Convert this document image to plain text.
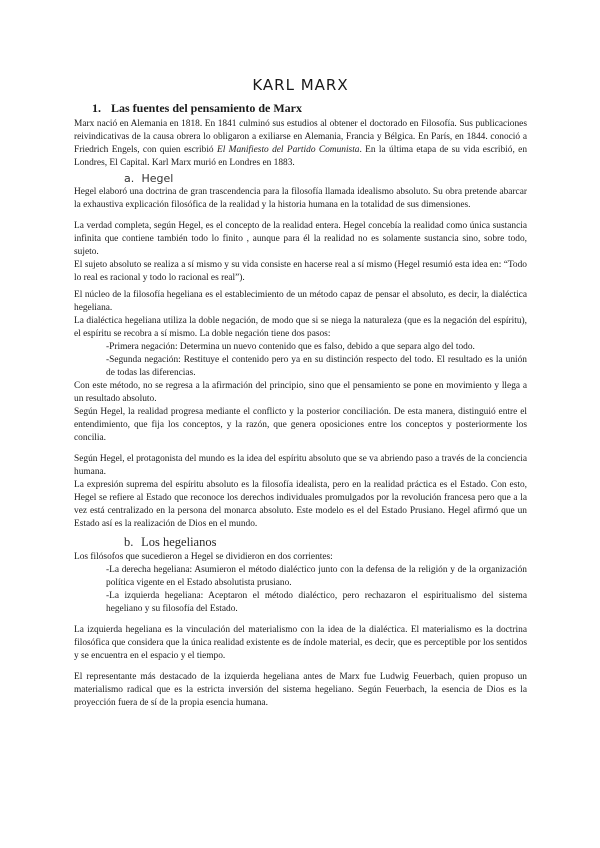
KARL MARX
1. Las fuentes del pensamiento de Marx

Marx nació en Alemania en 1818. En 1841 culminó sus estudios al obtener el doctorado en Filosofía. Sus publicaciones reivindicativas de la causa obrera lo obligaron a exiliarse en Alemania, Francia y Bélgica. En París, en 1844. conoció a Friedrich Engels, con quien escribió El Manifiesto del Partido Comunista. En la última etapa de su vida escribió, en Londres, El Capital. Karl Marx murió en Londres en 1883.

a. Hegel

Hegel elaboró una doctrina de gran trascendencia para la filosofía llamada idealismo absoluto. Su obra pretende abarcar la exhaustiva explicación filosófica de la realidad y la historia humana en la totalidad de sus dimensiones.

La verdad completa, según Hegel, es el concepto de la realidad entera. Hegel concebía la realidad como única sustancia infinita que contiene también todo lo finito , aunque para él la realidad no es solamente sustancia sino, sobre todo, sujeto.

El sujeto absoluto se realiza a sí mismo y su vida consiste en hacerse real a sí mismo (Hegel resumió esta idea en: “Todo lo real es racional y todo lo racional es real”).

El núcleo de la filosofía hegeliana es el establecimiento de un método capaz de pensar el absoluto, es decir, la dialéctica hegeliana.

La dialéctica hegeliana utiliza la doble negación, de modo que si se niega la naturaleza (que es la negación del espíritu), el espíritu se recobra a sí mismo. La doble negación tiene dos pasos:

-Primera negación: Determina un nuevo contenido que es falso, debido a que separa algo del todo.

-Segunda negación: Restituye el contenido pero ya en su distinción respecto del todo. El resultado es la unión de todas las diferencias.

Con este método, no se regresa a la afirmación del principio, sino que el pensamiento se pone en movimiento y llega a un resultado absoluto.

Según Hegel, la realidad progresa mediante el conflicto y la posterior conciliación. De esta manera, distinguió entre el entendimiento, que fija los conceptos, y la razón, que genera oposiciones entre los conceptos y posteriormente los concilia.

Según Hegel, el protagonista del mundo es la idea del espíritu absoluto que se va abriendo paso a través de la conciencia humana.

La expresión suprema del espíritu absoluto es la filosofía idealista, pero en la realidad práctica es el Estado. Con esto, Hegel se refiere al Estado que reconoce los derechos individuales promulgados por la revolución francesa pero que a la vez está centralizado en la persona del monarca absoluto. Este modelo es el del Estado Prusiano. Hegel afirmó que un Estado así es la realización de Dios en el mundo.

b. Los hegelianos

Los filósofos que sucedieron a Hegel se dividieron en dos corrientes:

-La derecha hegeliana: Asumieron el método dialéctico junto con la defensa de la religión y de la organización política vigente en el Estado absolutista prusiano.

-La izquierda hegeliana: Aceptaron el método dialéctico, pero rechazaron el espiritualismo del sistema hegeliano y su filosofía del Estado.

La izquierda hegeliana es la vinculación del materialismo con la idea de la dialéctica. El materialismo es la doctrina filosófica que considera que la única realidad existente es de índole material, es decir, que es perceptible por los sentidos y se encuentra en el espacio y el tiempo.

El representante más destacado de la izquierda hegeliana antes de Marx fue Ludwig Feuerbach, quien propuso un materialismo radical que es la estricta inversión del sistema hegeliano. Según Feuerbach, la esencia de Dios es la proyección fuera de sí de la propia esencia humana.
